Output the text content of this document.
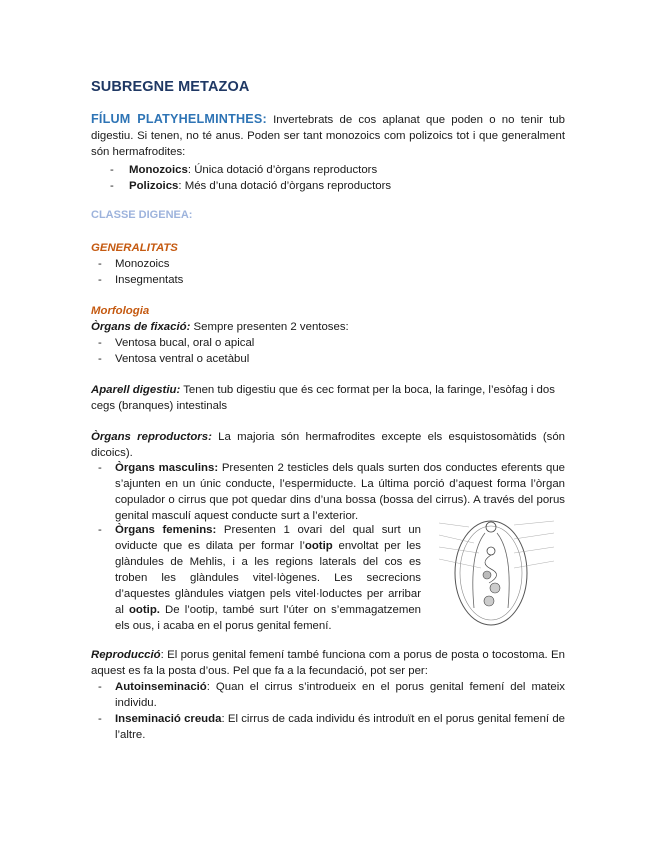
SUBREGNE METAZOA
FÍLUM PLATYHELMINTHES: Invertebrats de cos aplanat que poden o no tenir tub digestiu. Si tenen, no té anus. Poden ser tant monozoics com polizoics tot i que generalment són hermafrodites:
- Monozoics: Única dotació d’òrgans reproductors
- Polizoics: Més d’una dotació d’òrgans reproductors
CLASSE DIGENEA:
GENERALITATS
- Monozoics
- Insegmentats
Morfologia
Òrgans de fixació: Sempre presenten 2 ventoses:
- Ventosa bucal, oral o apical
- Ventosa ventral o acetàbul
Aparell digestiu: Tenen tub digestiu que és cec format per la boca, la faringe, l’esòfag i dos cegs (branques) intestinals
Òrgans reproductors: La majoria són hermafrodites excepte els esquistosomàtids (són dicoics).
- Òrgans masculins: Presenten 2 testicles dels quals surten dos conductes eferents que s’ajunten en un únic conducte, l’espermiducte. La última porció d’aquest forma l’òrgan copulador o cirrus que pot quedar dins d’una bossa (bossa del cirrus). A través del porus genital masculí aquest conducte surt a l’exterior.
- Òrgans femenins: Presenten 1 ovari del qual surt un oviducte que es dilata per formar l’ootip envoltat per les glàndules de Mehlis, i a les regions laterals del cos es troben les glàndules vitel·lògenes. Les secrecions d’aquestes glàndules viatgen pels vitel·loductes per arribar al ootip. De l’ootip, també surt l’úter on s’emmagatzemen els ous, i acaba en el porus genital femení.
Reproducció: El porus genital femení també funciona com a porus de posta o tocostoma. En aquest es fa la posta d’ous. Pel que fa a la fecundació, pot ser per:
- Autoinseminació: Quan el cirrus s’introdueix en el porus genital femení del mateix individu.
- Inseminació creuda: El cirrus de cada individu és introduït en el porus genital femení de l’altre.
